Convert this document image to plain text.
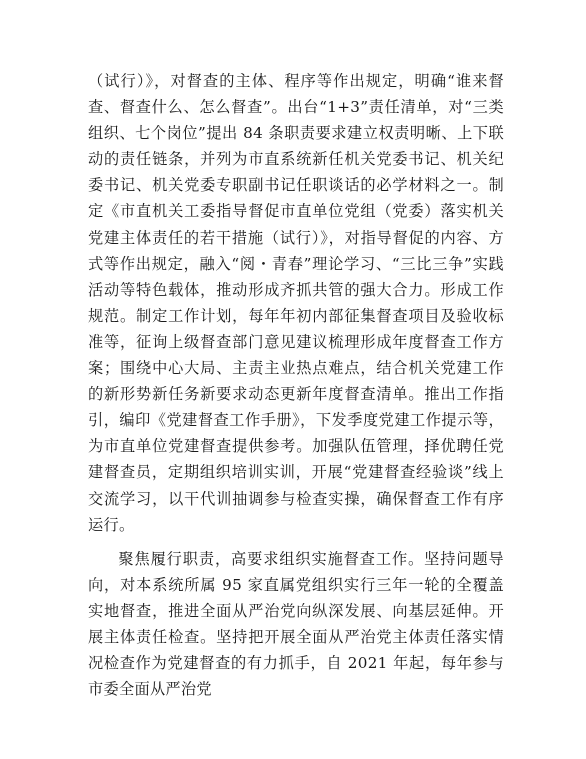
（试行）》，对督查的主体、程序等作出规定，明确“谁来督查、督查什么、怎么督查”。出台“1+3”责任清单，对“三类组织、七个岗位”提出 84 条职责要求建立权责明晰、上下联动的责任链条，并列为市直系统新任机关党委书记、机关纪委书记、机关党委专职副书记任职谈话的必学材料之一。制定《市直机关工委指导督促市直单位党组（党委）落实机关党建主体责任的若干措施（试行）》，对指导督促的内容、方式等作出规定，融入“阅・青春”理论学习、“三比三争”实践活动等特色载体，推动形成齐抓共管的强大合力。形成工作规范。制定工作计划，每年年初内部征集督查项目及验收标准等，征询上级督查部门意见建议梳理形成年度督查工作方案；围绕中心大局、主责主业热点难点，结合机关党建工作的新形势新任务新要求动态更新年度督查清单。推出工作指引，编印《党建督查工作手册》，下发季度党建工作提示等，为市直单位党建督查提供参考。加强队伍管理，择优聘任党建督查员，定期组织培训实训，开展“党建督查经验谈”线上交流学习，以干代训抽调参与检查实操，确保督查工作有序运行。

聚焦履行职责，高要求组织实施督查工作。坚持问题导向，对本系统所属 95 家直属党组织实行三年一轮的全覆盖实地督查，推进全面从严治党向纵深发展、向基层延伸。开展主体责任检查。坚持把开展全面从严治党主体责任落实情况检查作为党建督查的有力抓手，自 2021 年起，每年参与市委全面从严治党
